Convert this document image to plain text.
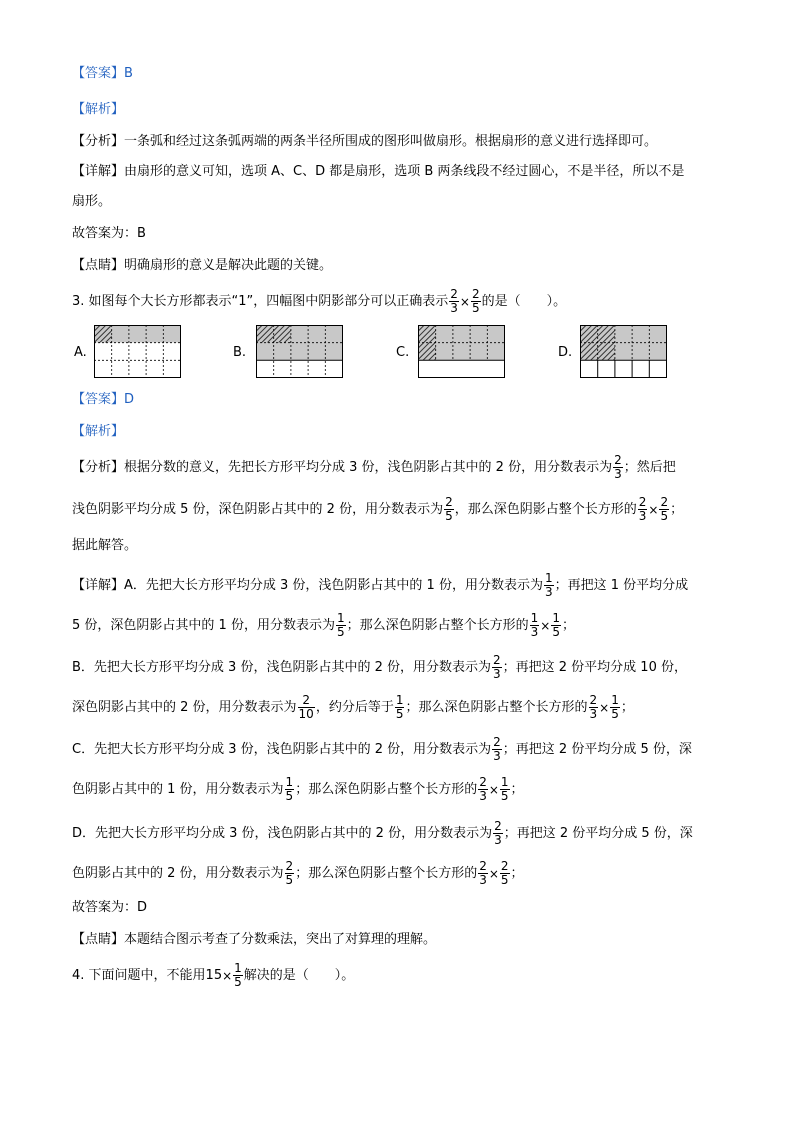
【答案】B
【解析】
【分析】一条弧和经过这条弧两端的两条半径所围成的图形叫做扇形。根据扇形的意义进行选择即可。
【详解】由扇形的意义可知，选项 A、C、D 都是扇形，选项 B 两条线段不经过圆心，不是半径，所以不是
扇形。
故答案为：B
【点睛】明确扇形的意义是解决此题的关键。
3. 如图每个大长方形都表示“1”，四幅图中阴影部分可以正确表示 $\frac{2}{3} \times \frac{2}{5}$ 的是（　　）。
A.	B.	C.	D.
【答案】D
【解析】
【分析】根据分数的意义，先把长方形平均分成 3 份，浅色阴影占其中的 2 份，用分数表示为 $\frac{2}{3}$ ；然后把
浅色阴影平均分成 5 份，深色阴影占其中的 2 份，用分数表示为 $\frac{2}{5}$ ，那么深色阴影占整个长方形的 $\frac{2}{3} \times \frac{2}{5}$ ；
据此解答。
【详解】A．先把大长方形平均分成 3 份，浅色阴影占其中的 1 份，用分数表示为 $\frac{1}{3}$ ；再把这 1 份平均分成
5 份，深色阴影占其中的 1 份，用分数表示为 $\frac{1}{5}$ ；那么深色阴影占整个长方形的 $\frac{1}{3} \times \frac{1}{5}$ ；
B．先把大长方形平均分成 3 份，浅色阴影占其中的 2 份，用分数表示为 $\frac{2}{3}$ ；再把这 2 份平均分成 10 份，
深色阴影占其中的 2 份，用分数表示为 $\frac{2}{10}$ ，约分后等于 $\frac{1}{5}$ ；那么深色阴影占整个长方形的 $\frac{2}{3} \times \frac{1}{5}$ ；
C．先把大长方形平均分成 3 份，浅色阴影占其中的 2 份，用分数表示为 $\frac{2}{3}$ ；再把这 2 份平均分成 5 份，深
色阴影占其中的 1 份，用分数表示为 $\frac{1}{5}$ ；那么深色阴影占整个长方形的 $\frac{2}{3} \times \frac{1}{5}$ ；
D．先把大长方形平均分成 3 份，浅色阴影占其中的 2 份，用分数表示为 $\frac{2}{3}$ ；再把这 2 份平均分成 5 份，深
色阴影占其中的 2 份，用分数表示为 $\frac{2}{5}$ ；那么深色阴影占整个长方形的 $\frac{2}{3} \times \frac{2}{5}$ ；
故答案为：D
【点睛】本题结合图示考查了分数乘法，突出了对算理的理解。
4. 下面问题中，不能用$15\times \frac{1}{5}$ 解决的是（　　）。
